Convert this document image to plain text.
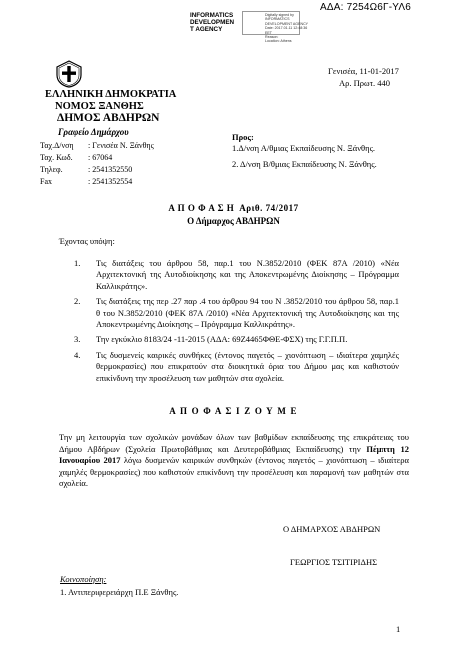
ΑΔΑ: 7254Ω6Γ-ΥΛ6
INFORMATICS
DEVELOPMEN
T AGENCY
Digitally signed by
INFORMATICS
DEVELOPMENT AGENCY
Date: 2017.01.11 12:48:36
EET
Reason:
Location: Athens
ΕΛΛΗΝΙΚΗ ΔΗΜΟΚΡΑΤΙΑ
ΝΟΜΟΣ ΞΑΝΘΗΣ
ΔΗΜΟΣ ΑΒΔΗΡΩΝ
Γραφείο Δημάρχου
Γενισέα, 11-01-2017
Αρ. Πρωτ. 440
Ταχ.Δ/νση : Γενισέα Ν. Ξάνθης
Ταχ. Κωδ. : 67064
Τηλεφ.	: 2541352550
Fax	: 2541352554
Προς:
1.Δ/νση Α/θμιας Εκπαίδευσης Ν. Ξάνθης.
2. Δ/νση Β/θμιας Εκπαίδευσης Ν. Ξάνθης.
Α Π Ο Φ Α Σ Η  Αριθ. 74/2017
Ο Δήμαρχος ΑΒΔΗΡΩΝ
Έχοντας υπόψη:
1.	Τις διατάξεις του άρθρου 58, παρ.1 του Ν.3852/2010 (ΦΕΚ 87Α /2010) «Νέα Αρχιτεκτονική της Αυτοδιοίκησης και της Αποκεντρωμένης Διοίκησης – Πρόγραμμα Καλλικράτης».
2.	Τις διατάξεις της περ .27 παρ .4 του άρθρου 94 του Ν .3852/2010 του άρθρου 58, παρ.1 θ του Ν.3852/2010 (ΦΕΚ 87Α /2010) «Νέα Αρχιτεκτονική της Αυτοδιοίκησης και της Αποκεντρωμένης Διοίκησης – Πρόγραμμα Καλλικράτης».
3.	Την εγκύκλιο 8183/24 -11-2015 (ΑΔΑ: 69Ζ4465ΦΘΕ-ΦΣΧ) της Γ.Γ.Π.Π.
4.	Τις δυσμενείς καιρικές συνθήκες (έντονος παγετός – χιονόπτωση – ιδιαίτερα χαμηλές θερμοκρασίες) που επικρατούν στα διοικητικά όρια του Δήμου μας και καθιστούν επικίνδυνη την προσέλευση των μαθητών στα σχολεία.
Α Π Ο Φ Α Σ Ι Ζ Ο Υ Μ Ε
Την μη λειτουργία των σχολικών μονάδων όλων των βαθμίδων εκπαίδευσης της επικράτειας του Δήμου Αβδήρων (Σχολεία Πρωτοβάθμιας και Δευτεροβάθμιας Εκπαίδευσης) την Πέμπτη 12 Ιανουαρίου 2017 λόγω δυσμενών καιρικών συνθηκών (έντονος παγετός – χιονόπτωση – ιδιαίτερα χαμηλές θερμοκρασίες) που καθιστούν επικίνδυνη την προσέλευση και παραμονή των μαθητών στα σχολεία.
Ο ΔΗΜΑΡΧΟΣ ΑΒΔΗΡΩΝ
ΓΕΩΡΓΙΟΣ ΤΣΙΤΙΡΙΔΗΣ
Κοινοποίηση:
1. Αντιπεριφερειάρχη Π.Ε Ξάνθης.
1
